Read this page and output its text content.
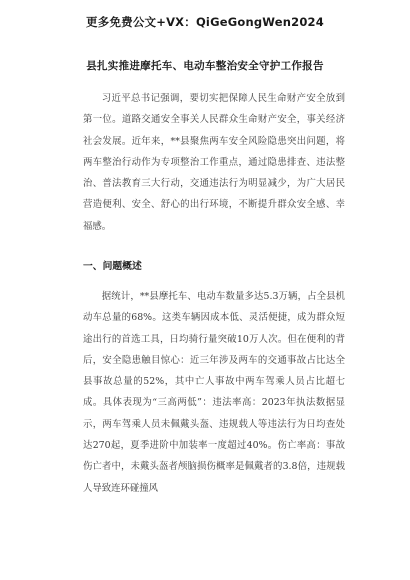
更多免费公文+VX：QiGeGongWen2024
县扎实推进摩托车、电动车整治安全守护工作报告
习近平总书记强调，要切实把保障人民生命财产安全放到第一位。道路交通安全事关人民群众生命财产安全，事关经济社会发展。近年来，**县聚焦两车安全风险隐患突出问题，将两车整治行动作为专项整治工作重点，通过隐患排查、违法整治、普法教育三大行动，交通违法行为明显减少，为广大居民营造便利、安全、舒心的出行环境，不断提升群众安全感、幸福感。
一、问题概述
据统计，**县摩托车、电动车数量多达5.3万辆，占全县机动车总量的68%。这类车辆因成本低、灵活便捷，成为群众短途出行的首选工具，日均骑行量突破10万人次。但在便利的背后，安全隐患触目惊心：近三年涉及两车的交通事故占比达全县事故总量的52%，其中亡人事故中两车驾乘人员占比超七成。具体表现为“三高两低”：违法率高：2023年执法数据显示，两车驾乘人员未佩戴头盔、违规载人等违法行为日均查处达270起，夏季进阶中加装率一度超过40%。伤亡率高：事故伤亡者中，未戴头盔者颅脑损伤概率是佩戴者的3.8倍，违规载人导致连环碰撞风
